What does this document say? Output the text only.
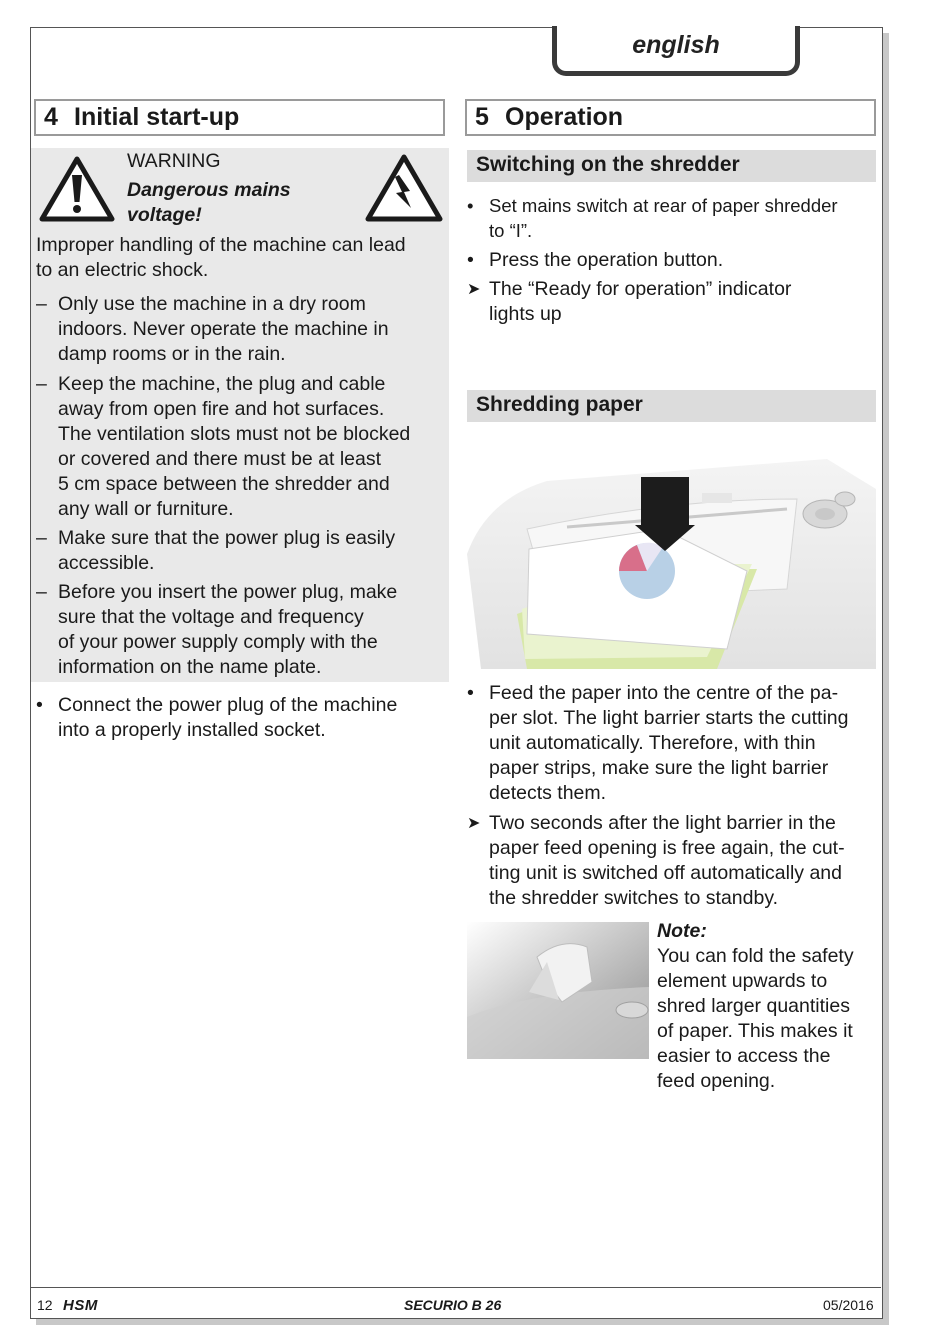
english
4 Initial start-up
WARNING
Dangerous mains
voltage!
Improper handling of the machine can lead
to an electric shock.
– Only use the machine in a dry room
indoors. Never operate the machine in
damp rooms or in the rain.
– Keep the machine, the plug and cable
away from open fire and hot surfaces.
The ventilation slots must not be blocked
or covered and there must be at least
5 cm space between the shredder and
any wall or furniture.
– Make sure that the power plug is easily
accessible.
– Before you insert the power plug, make
sure that the voltage and frequency
of your power supply comply with the
information on the name plate.
• Connect the power plug of the machine
into a properly installed socket.
5 Operation
Switching on the shredder
• Set mains switch at rear of paper shredder
to “I”.
• Press the operation button.
➤ The “Ready for operation” indicator
lights up
Shredding paper
• Feed the paper into the centre of the pa-
per slot. The light barrier starts the cutting
unit automatically. Therefore, with thin
paper strips, make sure the light barrier
detects them.
➤ Two seconds after the light barrier in the
paper feed opening is free again, the cut-
ting unit is switched off automatically and
the shredder switches to standby.
Note:
You can fold the safety
element upwards to
shred larger quantities
of paper. This makes it
easier to access the
feed opening.
12 HSM	SECURIO B 26	05/2016
